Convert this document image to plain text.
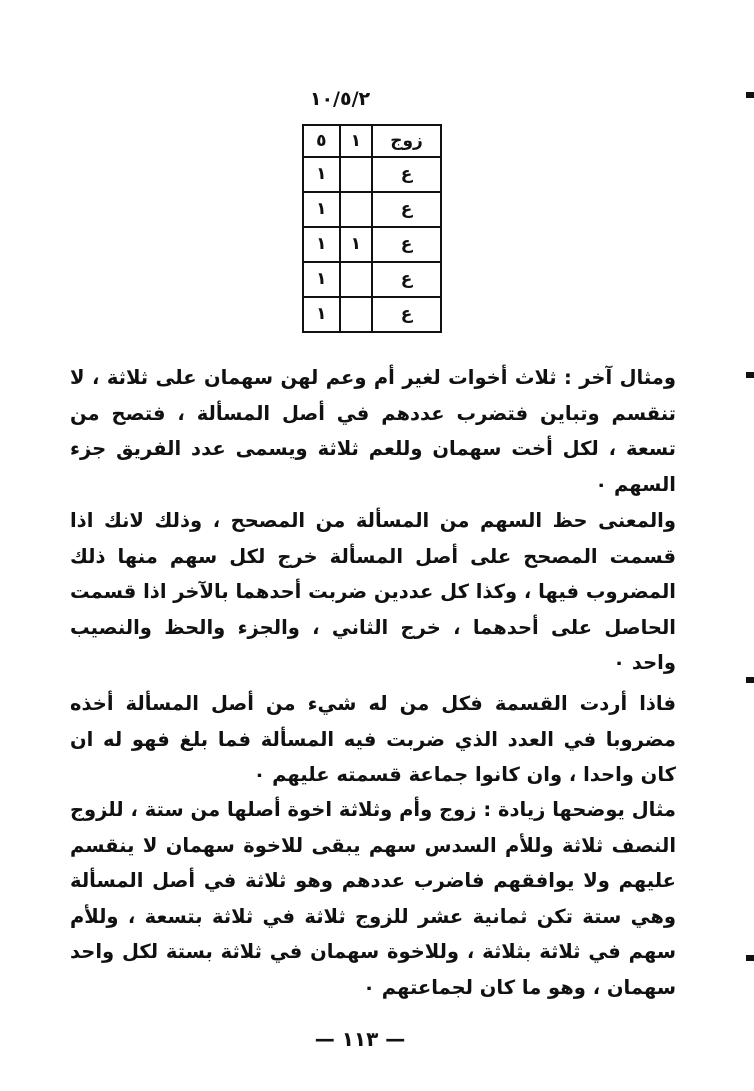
١٠/٥/٢
زوج	١	٥
ع		١
ع		١
ع	١	١
ع		١
ع		١

ومثال آخر : ثلاث أخوات لغير أم وعم لهن سهمان على ثلاثة ، لا تنقسم وتباين فتضرب عددهم في أصل المسألة ، فتصح من تسعة ، لكل أخت سهمان وللعم ثلاثة ويسمى عدد الفريق جزء السهم ٠

والمعنى حظ السهم من المسألة من المصحح ، وذلك لانك اذا قسمت المصحح على أصل المسألة خرج لكل سهم منها ذلك المضروب فيها ، وكذا كل عددين ضربت أحدهما بالآخر اذا قسمت الحاصل على أحدهما ، خرج الثاني ، والجزء والحظ والنصيب واحد ٠

فاذا أردت القسمة فكل من له شيء من أصل المسألة أخذه مضروبا في العدد الذي ضربت فيه المسألة فما بلغ فهو له ان كان واحدا ، وان كانوا جماعة قسمته عليهم ٠

مثال يوضحها زيادة : زوج وأم وثلاثة اخوة أصلها من ستة ، للزوج النصف ثلاثة وللأم السدس سهم يبقى للاخوة سهمان لا ينقسم عليهم ولا يوافقهم فاضرب عددهم وهو ثلاثة في أصل المسألة وهي ستة تكن ثمانية عشر للزوج ثلاثة في ثلاثة بتسعة ، وللأم سهم في ثلاثة بثلاثة ، وللاخوة سهمان في ثلاثة بستة لكل واحد سهمان ، وهو ما كان لجماعتهم ٠

— ١١٣ —
